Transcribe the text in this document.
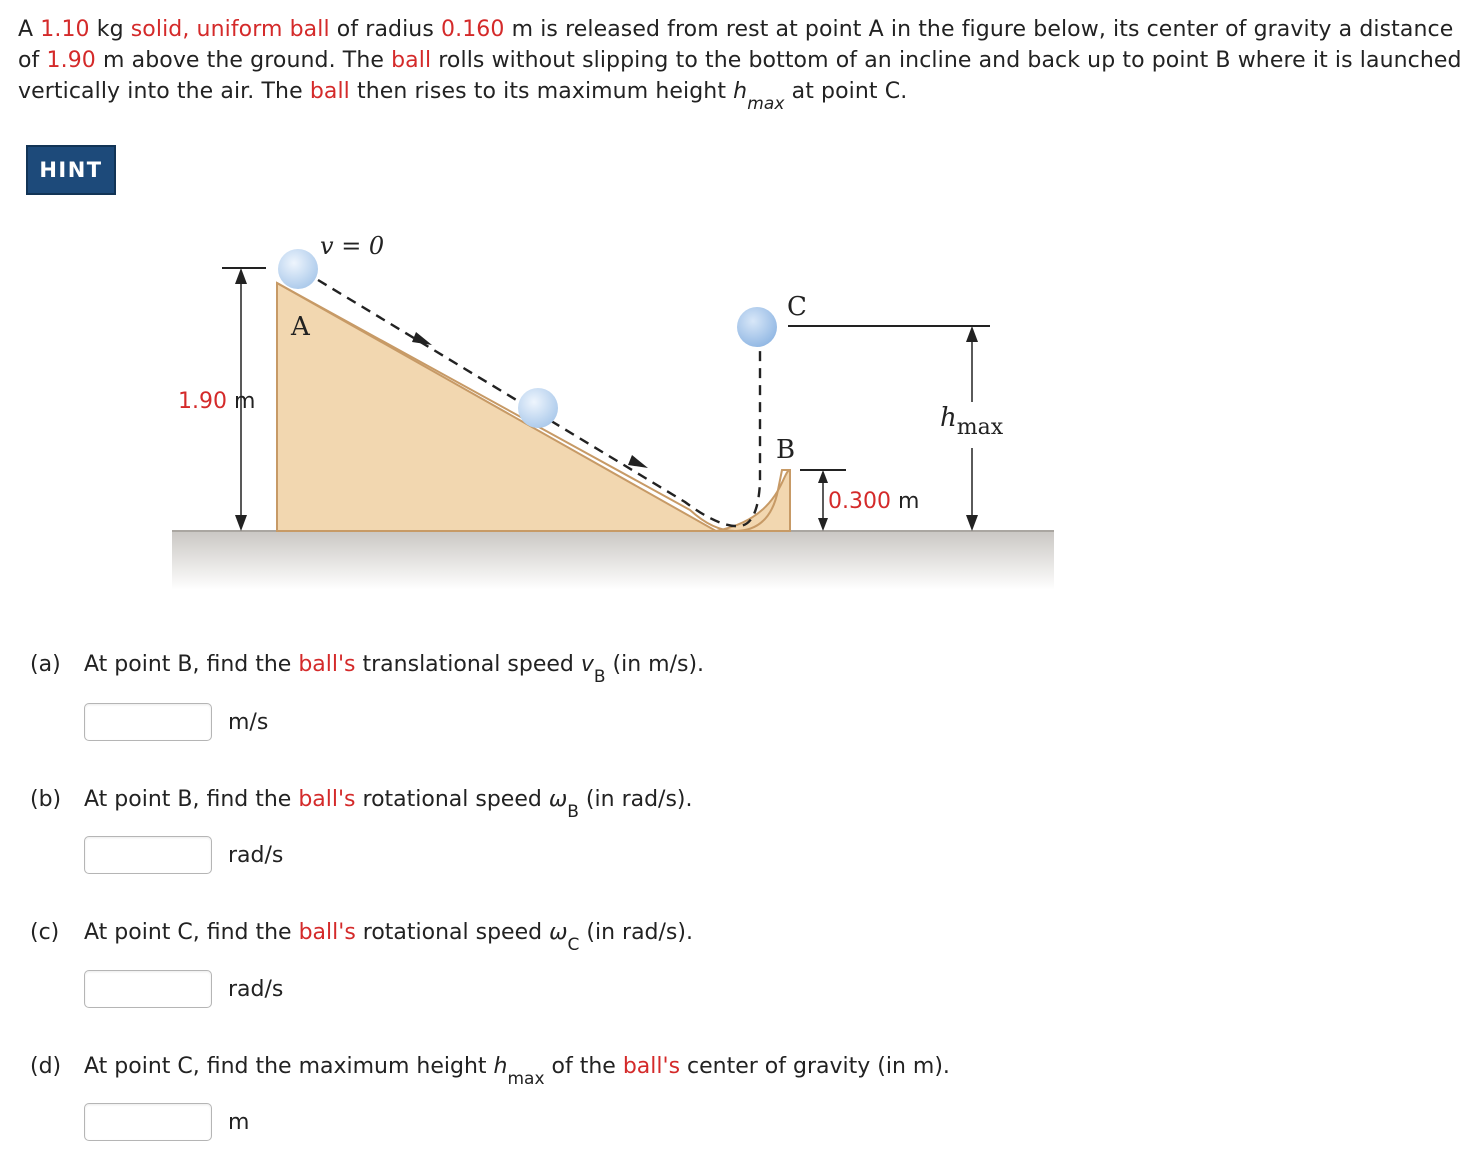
A 1.10 kg solid, uniform ball of radius 0.160 m is released from rest at point A in the figure below, its center of gravity a distance of 1.90 m above the ground. The ball rolls without slipping to the bottom of an incline and back up to point B where it is launched vertically into the air. The ball then rises to its maximum height $h_{max}$ at point C.
HINT
v = 0
A
B
C
1.90 m
0.300 m
$h_{max}$
(a) At point B, find the ball's translational speed $v_B$ (in m/s).
m/s
(b) At point B, find the ball's rotational speed $\omega_B$ (in rad/s).
rad/s
(c) At point C, find the ball's rotational speed $\omega_C$ (in rad/s).
rad/s
(d) At point C, find the maximum height $h_{max}$ of the ball's center of gravity (in m).
m
